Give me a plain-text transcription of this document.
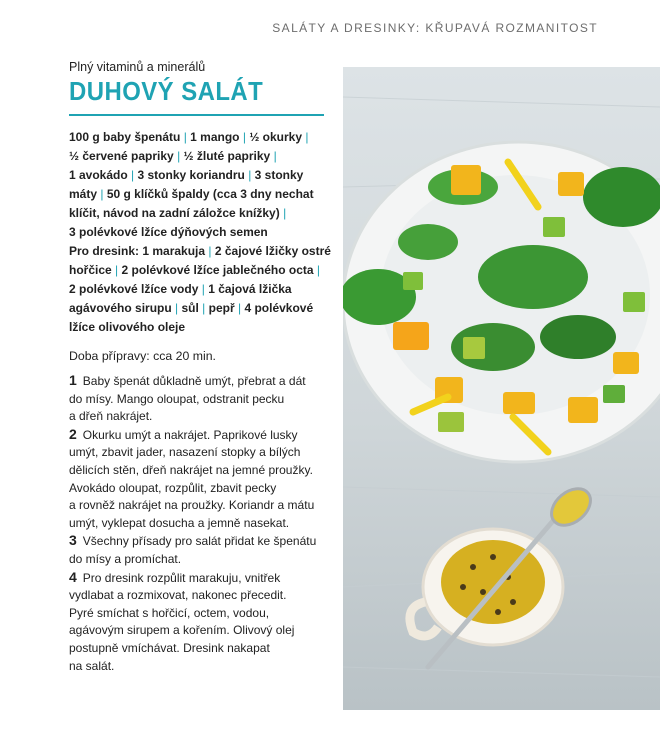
SALÁTY A DRESINKY: KŘUPAVÁ ROZMANITOST

Plný vitaminů a minerálů

DUHOVÝ SALÁT
100 g baby špenátu | 1 mango | ½ okurky |
½ červené papriky | ½ žluté papriky |
1 avokádo | 3 stonky koriandru | 3 stonky
máty | 50 g klíčků špaldy (cca 3 dny nechat
klíčit, návod na zadní záložce knížky) |
3 polévkové lžíce dýňových semen
Pro dresink: 1 marakuja | 2 čajové lžičky ostré
hořčice | 2 polévkové lžíce jablečného octa |
2 polévkové lžíce vody | 1 čajová lžička
agávového sirupu | sůl | pepř | 4 polévkové
lžíce olivového oleje
Doba přípravy: cca 20 min.
1 Baby špenát důkladně umýt, přebrat a dát
do mísy. Mango oloupat, odstranit pecku
a dřeň nakrájet.
2 Okurku umýt a nakrájet. Paprikové lusky
umýt, zbavit jader, nasazení stopky a bílých
dělicích stěn, dřeň nakrájet na jemné proužky.
Avokádo oloupat, rozpůlit, zbavit pecky
a rovněž nakrájet na proužky. Koriandr a mátu
umýt, vyklepat dosucha a jemně nasekat.
3 Všechny přísady pro salát přidat ke špenátu
do mísy a promíchat.
4 Pro dresink rozpůlit marakuju, vnitřek
vydlabat a rozmixovat, nakonec přecedit.
Pyré smíchat s hořčicí, octem, vodou,
agávovým sirupem a kořením. Olivový olej
postupně vmíchávat. Dresink nakapat
na salát.
